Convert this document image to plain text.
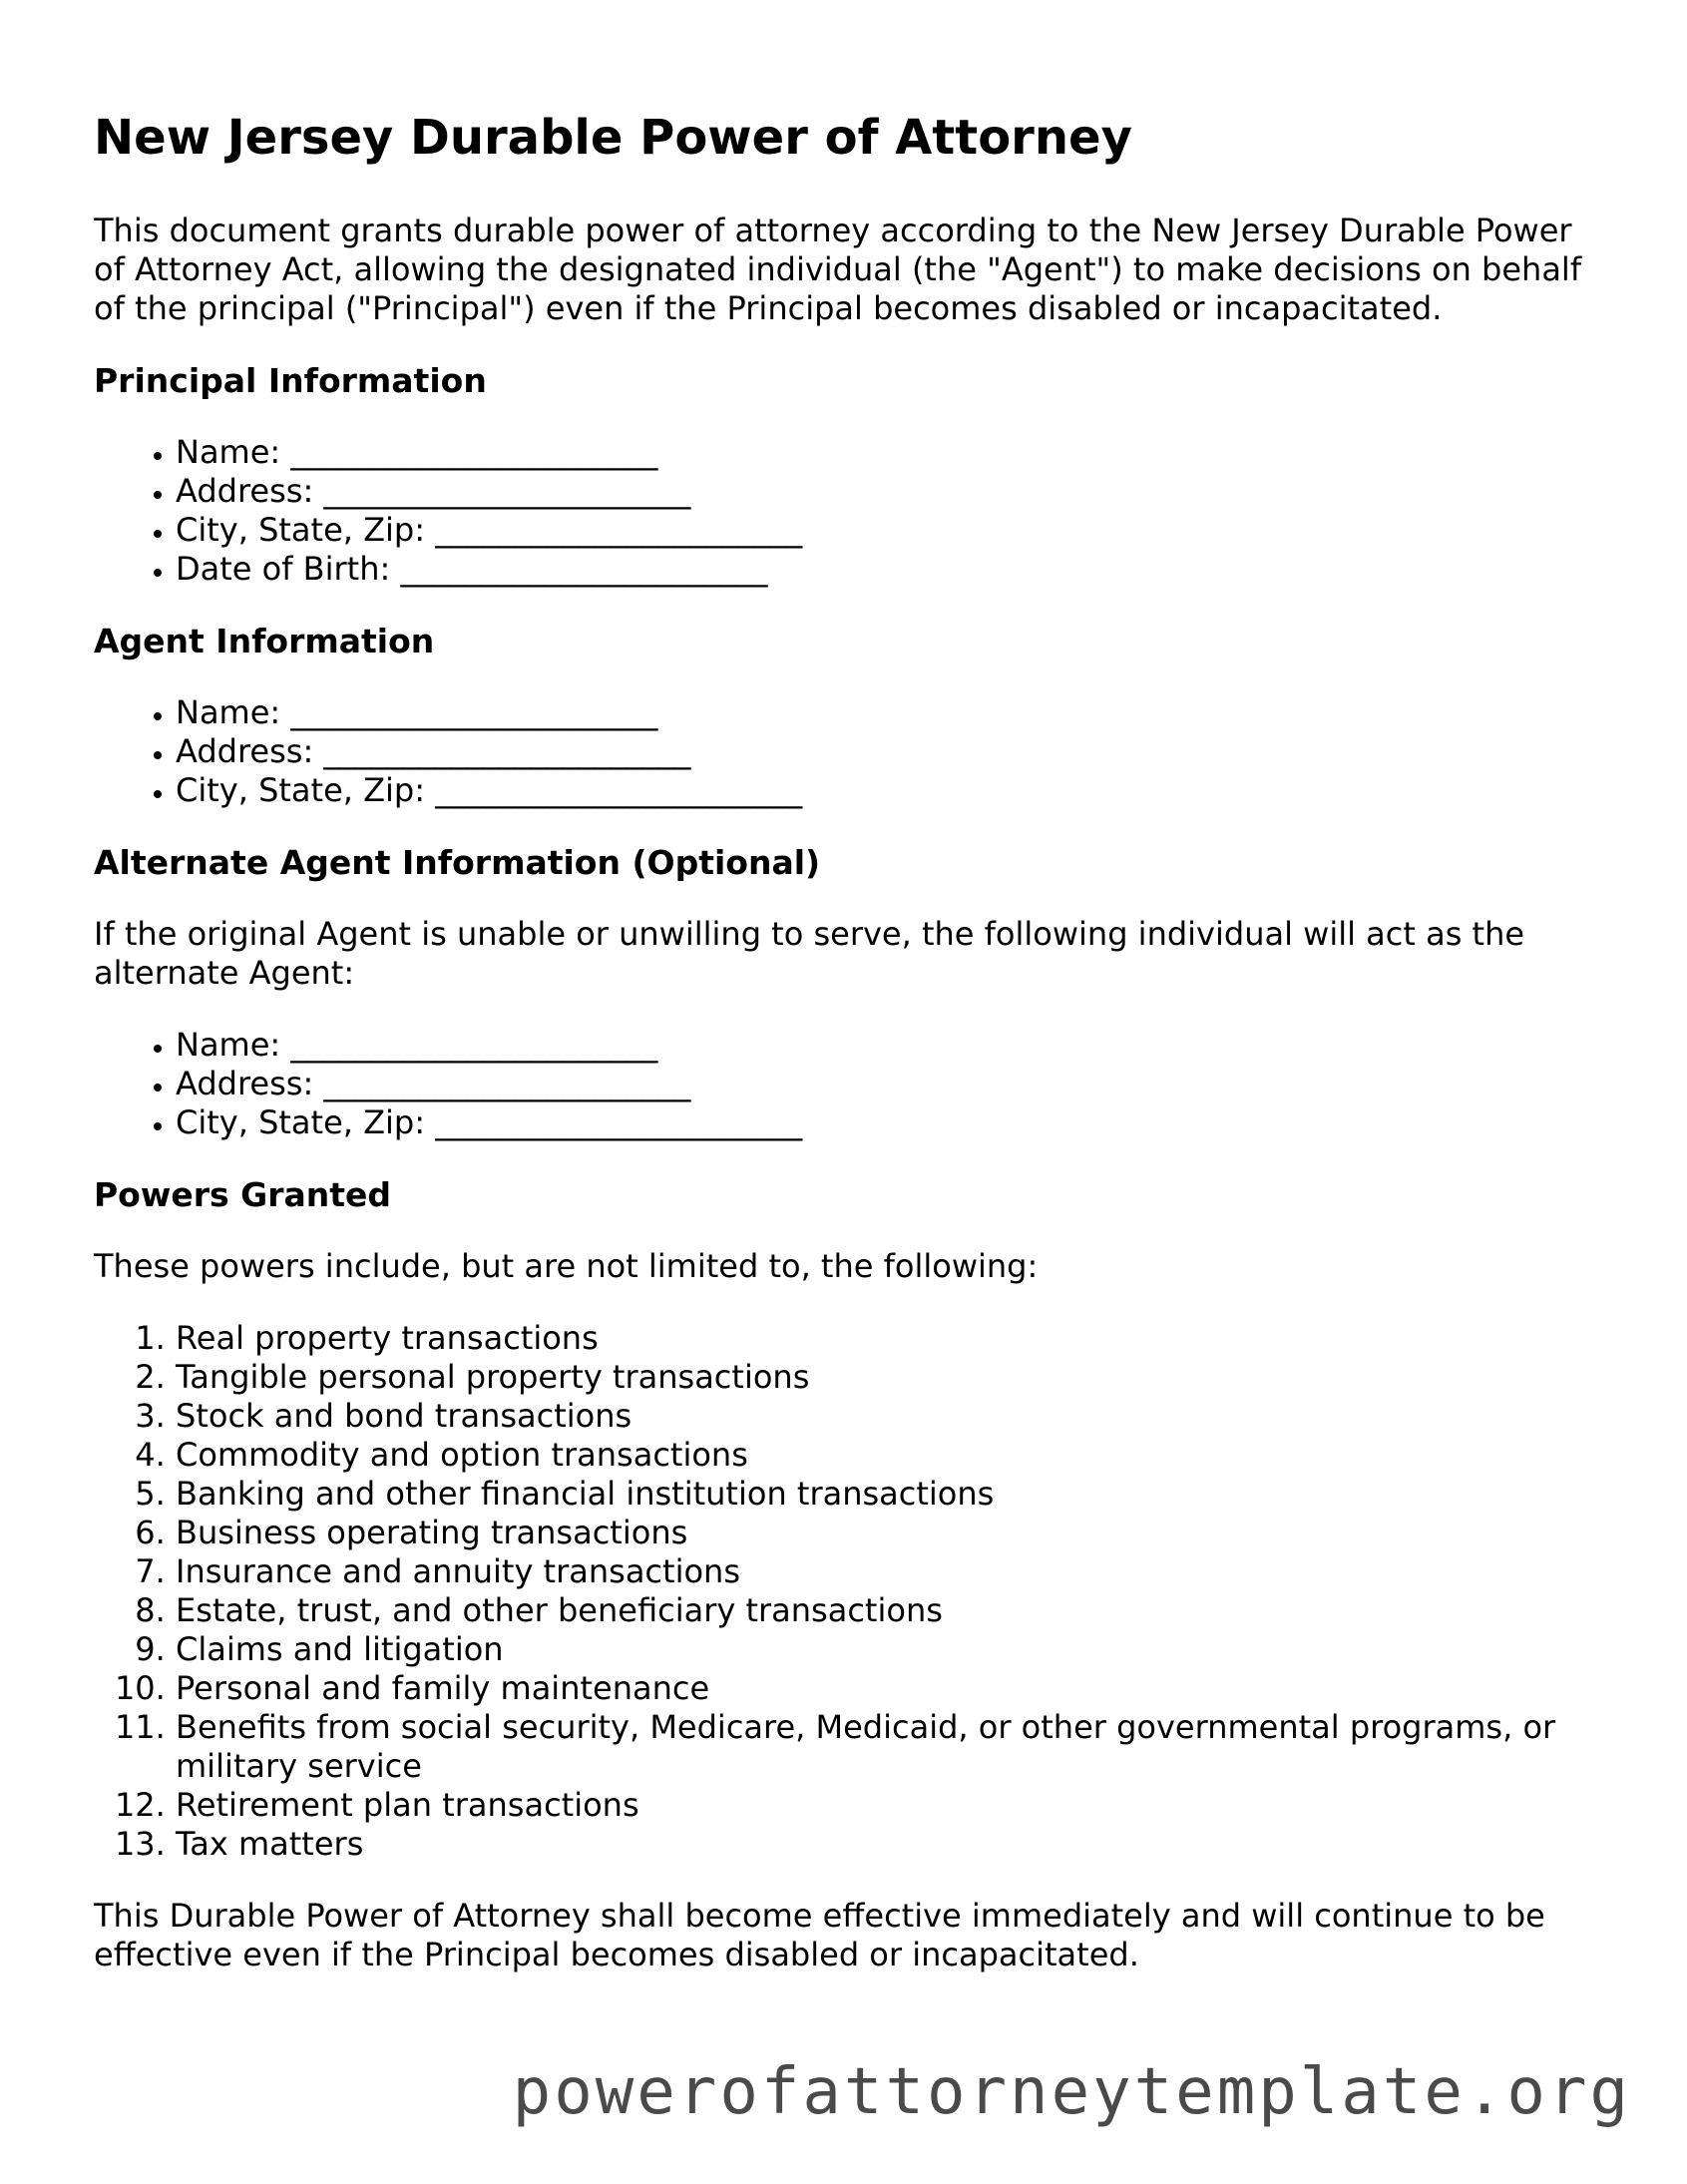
New Jersey Durable Power of Attorney

This document grants durable power of attorney according to the New Jersey Durable Power of Attorney Act, allowing the designated individual (the "Agent") to make decisions on behalf of the principal ("Principal") even if the Principal becomes disabled or incapacitated.

Principal Information
• Name: _______________________
• Address: _______________________
• City, State, Zip: _______________________
• Date of Birth: _______________________
Agent Information
• Name: _______________________
• Address: _______________________
• City, State, Zip: _______________________
Alternate Agent Information (Optional)

If the original Agent is unable or unwilling to serve, the following individual will act as the alternate Agent:

• Name: _______________________
• Address: _______________________
• City, State, Zip: _______________________
Powers Granted

These powers include, but are not limited to, the following:

1. Real property transactions
2. Tangible personal property transactions
3. Stock and bond transactions
4. Commodity and option transactions
5. Banking and other financial institution transactions
6. Business operating transactions
7. Insurance and annuity transactions
8. Estate, trust, and other beneficiary transactions
9. Claims and litigation
10. Personal and family maintenance
11. Benefits from social security, Medicare, Medicaid, or other governmental programs, or military service
12. Retirement plan transactions
13. Tax matters

This Durable Power of Attorney shall become effective immediately and will continue to be effective even if the Principal becomes disabled or incapacitated.

powerofattorneytemplate.org
